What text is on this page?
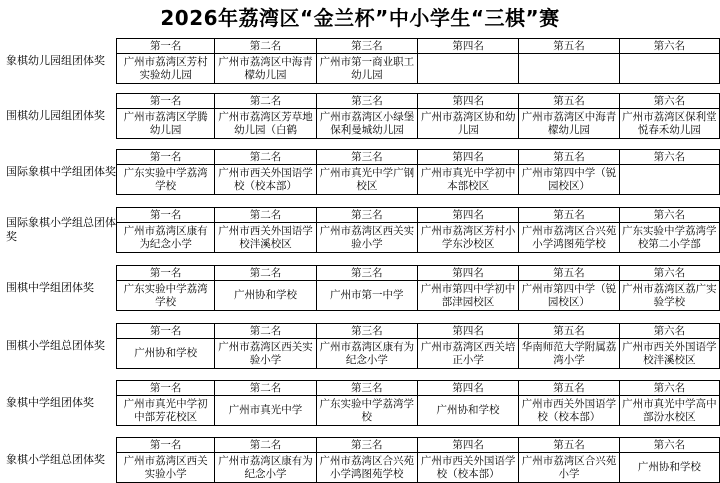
2026年荔湾区“金兰杯”中小学生“三棋”赛
象棋幼儿园组团体奖
第一名	第二名	第三名	第四名	第五名	第六名
广州市荔湾区芳村实验幼儿园	广州市荔湾区中海青檬幼儿园	广州市第一商业职工幼儿园			
围棋幼儿园组团体奖
第一名	第二名	第三名	第四名	第五名	第六名
广州市荔湾区学腾幼儿园	广州市荔湾区芳草地幼儿园（白鹤	广州市荔湾区小绿堡保利曼城幼儿园	广州市荔湾区协和幼儿园	广州市荔湾区中海青檬幼儿园	广州市荔湾区保利堂悦春禾幼儿园
国际象棋中学组团体奖
第一名	第二名	第三名	第四名	第五名	第六名
广东实验中学荔湾学校	广州市西关外国语学校（校本部）	广州市真光中学广钢校区	广州市真光中学初中本部校区	广州市第四中学（锐园校区）	
国际象棋小学组总团体奖
第一名	第二名	第三名	第四名	第五名	第六名
广州市荔湾区康有为纪念小学	广州市西关外国语学校泮溪校区	广州市荔湾区西关实验小学	广州市荔湾区芳村小学东沙校区	广州市荔湾区合兴苑小学鸿图苑学校	广东实验中学荔湾学校第二小学部
围棋中学组团体奖
第一名	第二名	第三名	第四名	第五名	第六名
广东实验中学荔湾学校	广州协和学校	广州市第一中学	广州市第四中学初中部津园校区	广州市第四中学（锐园校区）	广州市荔湾区荔广实验学校
围棋小学组总团体奖
第一名	第二名	第三名	第四名	第五名	第六名
广州协和学校	广州市荔湾区西关实验小学	广州市荔湾区康有为纪念小学	广州市荔湾区西关培正小学	华南师范大学附属荔湾小学	广州市西关外国语学校泮溪校区
象棋中学组团体奖
第一名	第二名	第三名	第四名	第五名	第六名
广州市真光中学初中部芳花校区	广州市真光中学	广东实验中学荔湾学校	广州协和学校	广州市西关外国语学校（校本部）	广州市真光中学高中部汾水校区
象棋小学组总团体奖
第一名	第二名	第三名	第四名	第五名	第六名
广州市荔湾区西关实验小学	广州市荔湾区康有为纪念小学	广州市荔湾区合兴苑小学鸿图苑学校	广州市西关外国语学校（校本部）	广州市荔湾区合兴苑小学	广州协和学校
